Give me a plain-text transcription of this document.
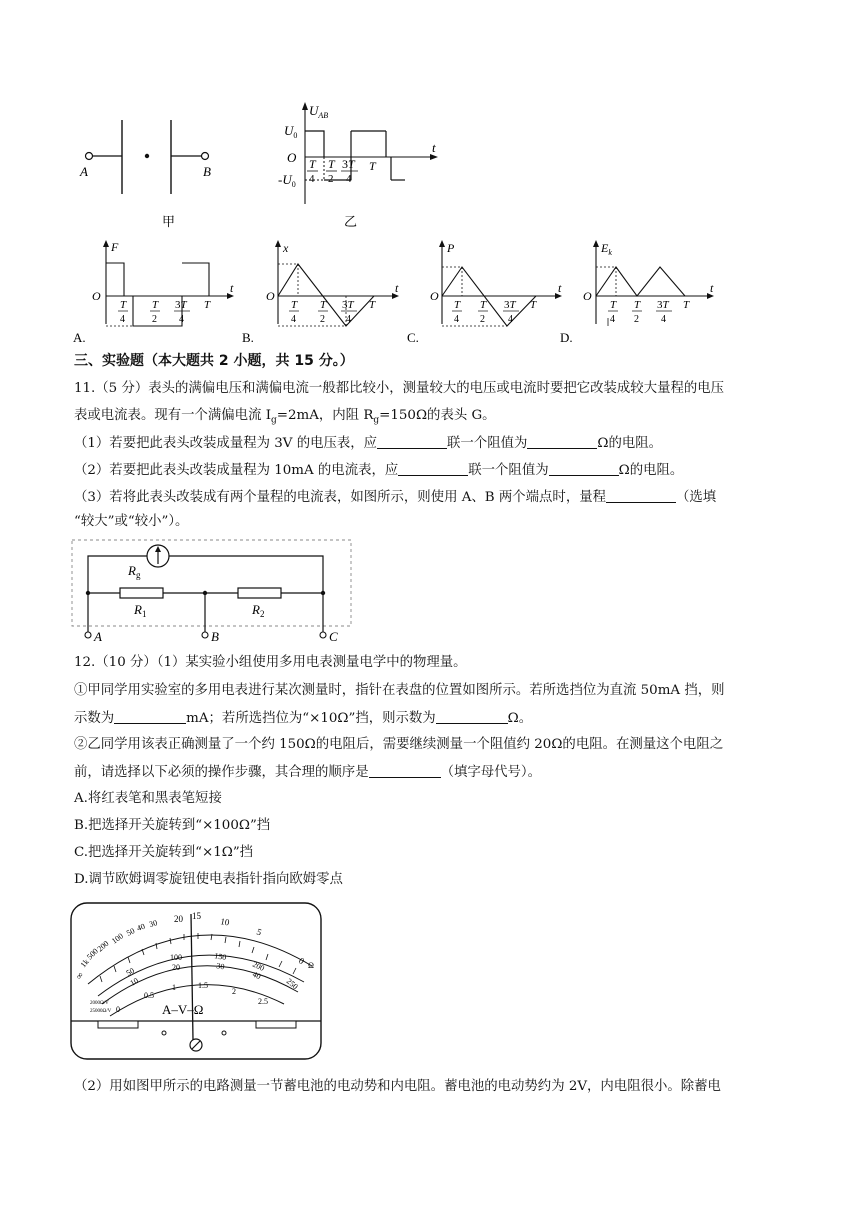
A	B
甲
$U_{AB}$
t
O
$U_0$
$-U_0$
T
4
T
2
3T
4
T
乙
A.
F
t
O
T
4
T
2
3T
4
T
B.
x
t
O
T
4
T
2
3T
4
T
C.
P
t
O
T
4
T
2
3T
4
T
D.
$E_k$
t
O
T
4
T
2
3T
4
T
三、实验题（本大题共 2 小题，共 15 分。）
11.（5 分）表头的满偏电压和满偏电流一般都比较小，测量较大的电压或电流时要把它改装成较大量程的电压
表或电流表。现有一个满偏电流 $I_g=2mA$，内阻 $R_g=150\Omega$的表头 G。
（1）若要把此表头改装成量程为 3V 的电压表，应	联一个阻值为	Ω的电阻。
（2）若要把此表头改装成量程为 10mA 的电流表，应	联一个阻值为	Ω的电阻。
（3）若将此表头改装成有两个量程的电流表，如图所示，则使用 A、B 两个端点时，量程	（选填
“较大”或“较小”）。
$R_g$
$R_1$	$R_2$
A	B	C
12.（10 分）（1）某实验小组使用多用电表测量电学中的物理量。
①甲同学用实验室的多用电表进行某次测量时，指针在表盘的位置如图所示。若所选挡位为直流 50mA 挡，则
示数为	mA；若所选挡位为“×10Ω”挡，则示数为	Ω。
②乙同学用该表正确测量了一个约 150Ω的电阻后，需要继续测量一个阻值约 20Ω的电阻。在测量这个电阻之
前，请选择以下必须的操作步骤，其合理的顺序是	（填字母代号）。
A.将红表笔和黑表笔短接
B.把选择开关旋转到“×100Ω”挡
C.把选择开关旋转到“×1Ω”挡
D.调节欧姆调零旋钮使电表指针指向欧姆零点
∞
1k
500
200
100 50 40 30 20 15
10
5
0 Ω
50
100	150
200
250
10
20	30
40
0
0.5
1	1.5
2
2.5
2000Ω/V
25000Ω/V	A–V–Ω
（2）用如图甲所示的电路测量一节蓄电池的电动势和内电阻。蓄电池的电动势约为 2V，内电阻很小。除蓄电
